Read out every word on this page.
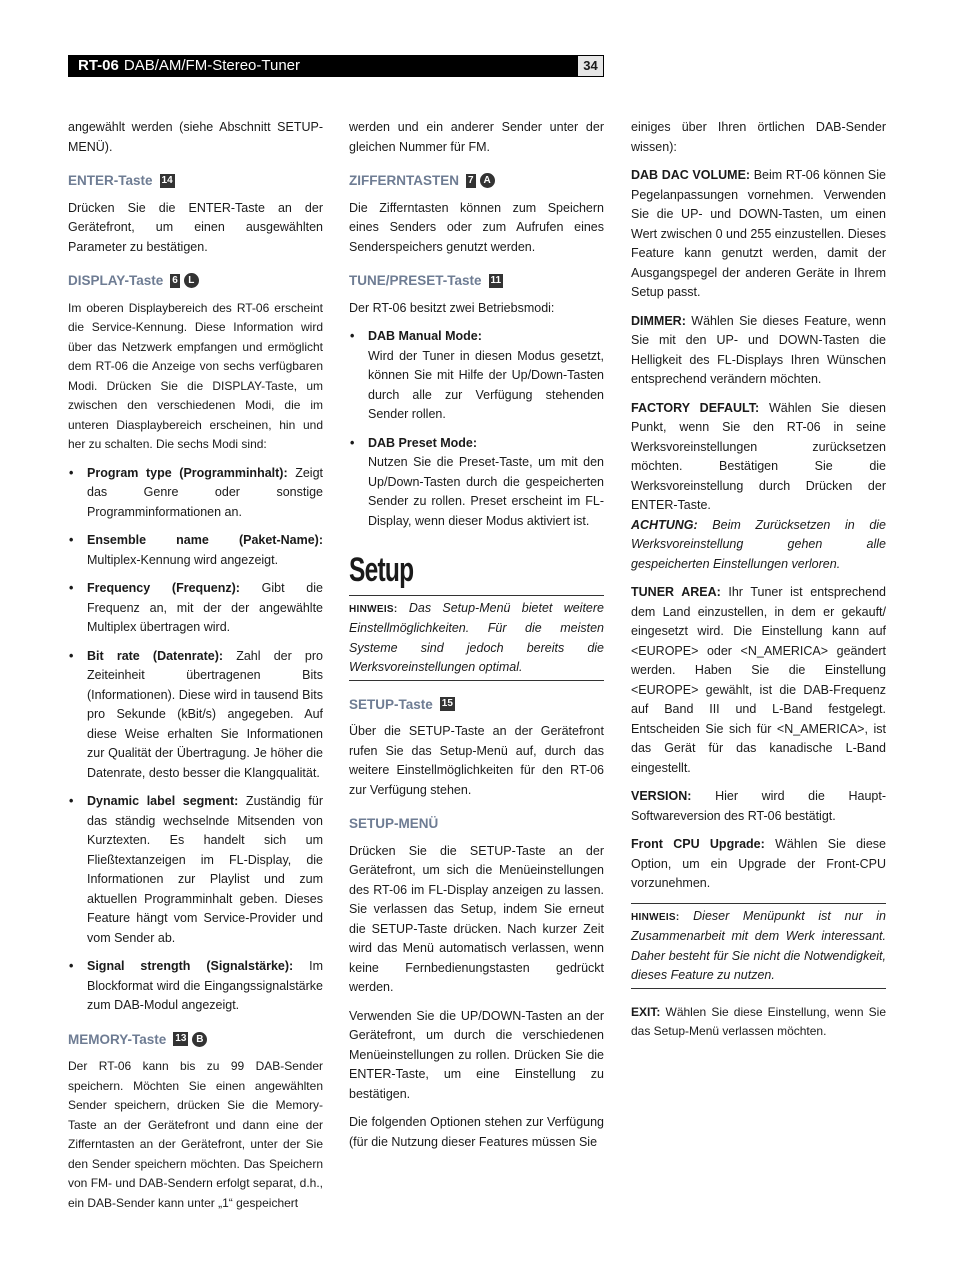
RT-06 DAB/AM/FM-Stereo-Tuner	34

angewählt werden (siehe Abschnitt SETUP-MENÜ).

ENTER-Taste 14

Drücken Sie die ENTER-Taste an der Gerätefront, um einen ausgewählten Parameter zu bestätigen.

DISPLAY-Taste 6	L

Im oberen Displaybereich des RT-06 erscheint die Service-Kennung. Diese Information wird über das Netzwerk empfangen und ermöglicht dem RT-06 die Anzeige von sechs verfügbaren Modi. Drücken Sie die DISPLAY-Taste, um zwischen den verschiedenen Modi, die im unteren Diasplaybereich erscheinen, hin und her zu schalten. Die sechs Modi sind:

• Program type (Programminhalt): Zeigt das Genre oder sonstige Programminformationen an.
• Ensemble name (Paket-Name): Multiplex-Kennung wird angezeigt.
• Frequency (Frequenz): Gibt die Frequenz an, mit der der angewählte Multiplex übertragen wird.
• Bit rate (Datenrate): Zahl der pro Zeiteinheit übertragenen Bits (Informationen). Diese wird in tausend Bits pro Sekunde (kBit/s) angegeben. Auf diese Weise erhalten Sie Informationen zur Qualität der Übertragung. Je höher die Datenrate, desto besser die Klangqualität.
• Dynamic label segment: Zuständig für das ständig wechselnde Mitsenden von Kurztexten. Es handelt sich um Fließtextanzeigen im FL-Display, die Informationen zur Playlist und zum aktuellen Programminhalt geben. Dieses Feature hängt vom Service-Provider und vom Sender ab.
• Signal strength (Signalstärke): Im Blockformat wird die Eingangssignalstärke zum DAB-Modul angezeigt.
MEMORY-Taste 13 B

Der RT-06 kann bis zu 99 DAB-Sender speichern. Möchten Sie einen angewählten Sender speichern, drücken Sie die Memory-Taste an der Gerätefront und dann eine der Zifferntasten an der Gerätefront, unter der Sie den Sender speichern möchten. Das Speichern von FM- und DAB-Sendern erfolgt separat, d.h., ein DAB-Sender kann unter „1“ gespeichert

werden und ein anderer Sender unter der gleichen Nummer für FM.

ZIFFERNTASTEN 7 A

Die Zifferntasten können zum Speichern eines Senders oder zum Aufrufen eines Senderspeichers genutzt werden.

TUNE/PRESET-Taste 11

Der RT-06 besitzt zwei Betriebsmodi:

• DAB Manual Mode:
Wird der Tuner in diesen Modus gesetzt, können Sie mit Hilfe der Up/Down-Tasten durch alle zur Verfügung stehenden Sender rollen.
• DAB Preset Mode:
Nutzen Sie die Preset-Taste, um mit den Up/Down-Tasten durch die gespeicherten Sender zu rollen. Preset erscheint im FL-Display, wenn dieser Modus aktiviert ist.
Setup

HINWEIS: Das Setup-Menü bietet weitere Einstellmöglichkeiten. Für die meisten Systeme sind jedoch bereits die Werksvoreinstellungen optimal.

SETUP-Taste 15

Über die SETUP-Taste an der Gerätefront rufen Sie das Setup-Menü auf, durch das weitere Einstellmöglichkeiten für den RT-06 zur Verfügung stehen.

SETUP-MENÜ

Drücken Sie die SETUP-Taste an der Gerätefront, um sich die Menüeinstellungen des RT-06 im FL-Display anzeigen zu lassen. Sie verlassen das Setup, indem Sie erneut die SETUP-Taste drücken. Nach kurzer Zeit wird das Menü automatisch verlassen, wenn keine Fernbedienungstasten gedrückt werden.

Verwenden Sie die UP/DOWN-Tasten an der Gerätefront, um durch die verschiedenen Menüeinstellungen zu rollen. Drücken Sie die ENTER-Taste, um eine Einstellung zu bestätigen.

Die folgenden Optionen stehen zur Verfügung (für die Nutzung dieser Features müssen Sie

einiges über Ihren örtlichen DAB-Sender wissen):

DAB DAC VOLUME: Beim RT-06 können Sie Pegelanpassungen vornehmen. Verwenden Sie die UP- und DOWN-Tasten, um einen Wert zwischen 0 und 255 einzustellen. Dieses Feature kann genutzt werden, damit der Ausgangspegel der anderen Geräte in Ihrem Setup passt.

DIMMER: Wählen Sie dieses Feature, wenn Sie mit den UP- und DOWN-Tasten die Helligkeit des FL-Displays Ihren Wünschen entsprechend verändern möchten.

FACTORY DEFAULT: Wählen Sie diesen Punkt, wenn Sie den RT-06 in seine Werksvoreinstellungen zurücksetzen möchten. Bestätigen Sie die Werksvoreinstellung durch Drücken der ENTER-Taste.
ACHTUNG: Beim Zurücksetzen in die Werksvoreinstellung gehen alle gespeicherten Einstellungen verloren.

TUNER AREA: Ihr Tuner ist entsprechend dem Land einzustellen, in dem er gekauft/ eingesetzt wird. Die Einstellung kann auf <EUROPE> oder <N_AMERICA> geändert werden. Haben Sie die Einstellung <EUROPE> gewählt, ist die DAB-Frequenz auf Band III und L-Band festgelegt. Entscheiden Sie sich für <N_AMERICA>, ist das Gerät für das kanadische L-Band eingestellt.

VERSION: Hier wird die Haupt-Softwareversion des RT-06 bestätigt.

Front CPU Upgrade: Wählen Sie diese Option, um ein Upgrade der Front-CPU vorzunehmen.

HINWEIS: Dieser Menüpunkt ist nur in Zusammenarbeit mit dem Werk interessant. Daher besteht für Sie nicht die Notwendigkeit, dieses Feature zu nutzen.

EXIT: Wählen Sie diese Einstellung, wenn Sie das Setup-Menü verlassen möchten.
